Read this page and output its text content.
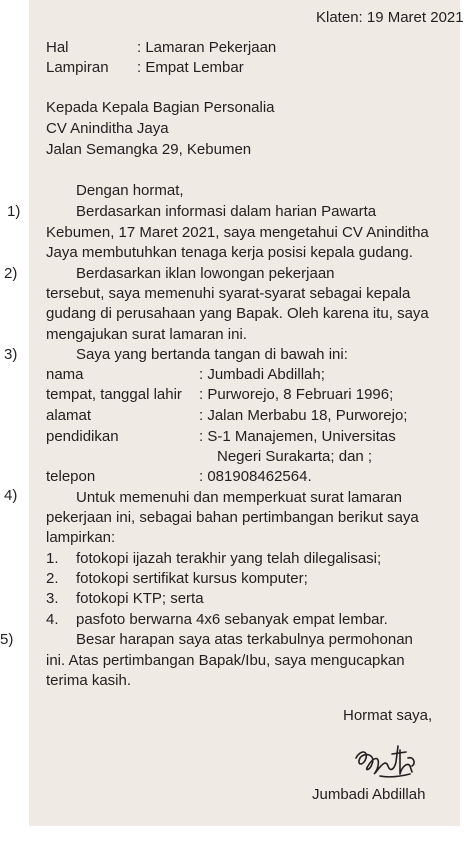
Klaten: 19 Maret 2021
Hal	: Lamaran Pekerjaan
Lampiran : Empat Lembar
Kepada Kepala Bagian Personalia
CV Aninditha Jaya
Jalan Semangka 29, Kebumen
Dengan hormat,
1)
2)
3)
4)
5)
Berdasarkan informasi dalam harian Pawarta
Kebumen, 17 Maret 2021, saya mengetahui CV Aninditha
Jaya membutuhkan tenaga kerja posisi kepala gudang.
Berdasarkan iklan lowongan pekerjaan
tersebut, saya memenuhi syarat-syarat sebagai kepala
gudang di perusahaan yang Bapak. Oleh karena itu, saya
mengajukan surat lamaran ini.
Saya yang bertanda tangan di bawah ini:
nama	: Jumbadi Abdillah;
tempat, tanggal lahir : Purworejo, 8 Februari 1996;
alamat	: Jalan Merbabu 18, Purworejo;
pendidikan	: S-1 Manajemen, Universitas
Negeri Surakarta; dan ;
telepon	: 081908462564.
Untuk memenuhi dan memperkuat surat lamaran
pekerjaan ini, sebagai bahan pertimbangan berikut saya
lampirkan:
1. fotokopi ijazah terakhir yang telah dilegalisasi;
2. fotokopi sertifikat kursus komputer;
3. fotokopi KTP; serta
4. pasfoto berwarna 4x6 sebanyak empat lembar.
Besar harapan saya atas terkabulnya permohonan
ini. Atas pertimbangan Bapak/Ibu, saya mengucapkan
terima kasih.
Hormat saya,
Jumbadi Abdillah
